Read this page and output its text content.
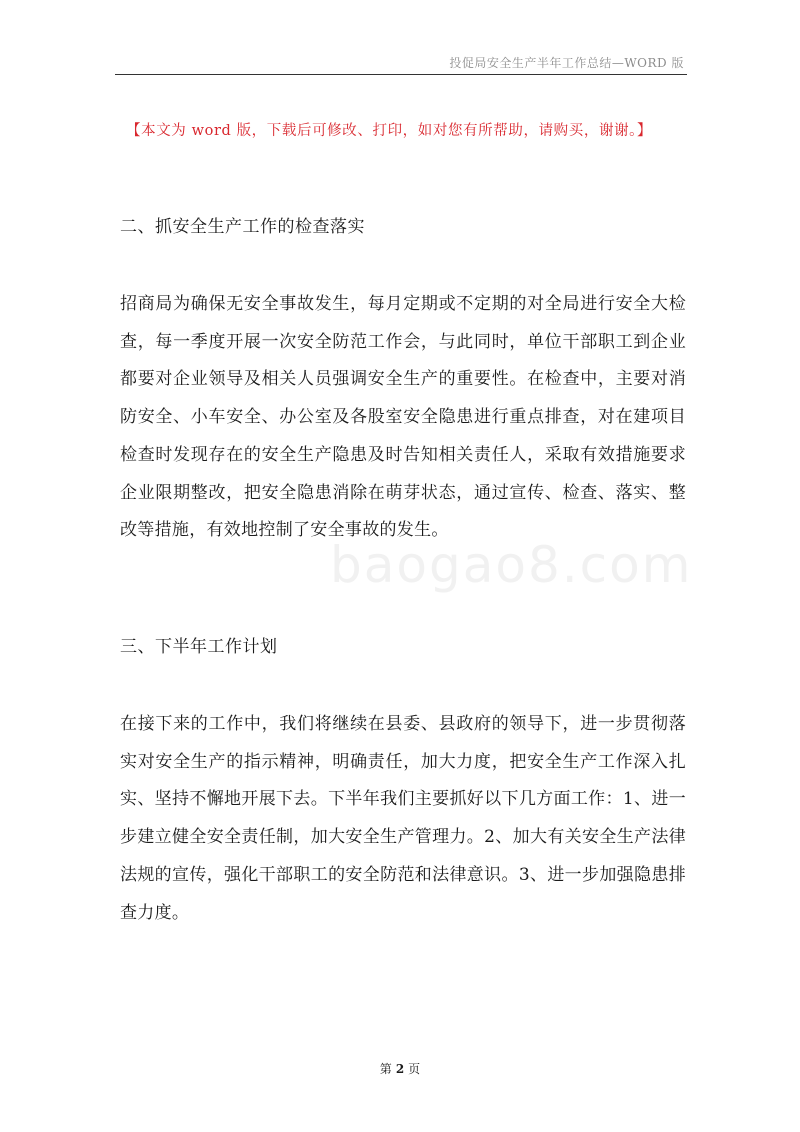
投促局安全生产半年工作总结—WORD 版
baogao8.com
【本文为 word 版，下载后可修改、打印，如对您有所帮助，请购买，谢谢。】
二、抓安全生产工作的检查落实
招商局为确保无安全事故发生，每月定期或不定期的对全局进行安全大检查，每一季度开展一次安全防范工作会，与此同时，单位干部职工到企业都要对企业领导及相关人员强调安全生产的重要性。在检查中，主要对消防安全、小车安全、办公室及各股室安全隐患进行重点排查，对在建项目检查时发现存在的安全生产隐患及时告知相关责任人，采取有效措施要求企业限期整改，把安全隐患消除在萌芽状态，通过宣传、检查、落实、整改等措施，有效地控制了安全事故的发生。
三、下半年工作计划
在接下来的工作中，我们将继续在县委、县政府的领导下，进一步贯彻落实对安全生产的指示精神，明确责任，加大力度，把安全生产工作深入扎实、坚持不懈地开展下去。下半年我们主要抓好以下几方面工作：1、进一步建立健全安全责任制，加大安全生产管理力。2、加大有关安全生产法律法规的宣传，强化干部职工的安全防范和法律意识。3、进一步加强隐患排查力度。
第 2 页
